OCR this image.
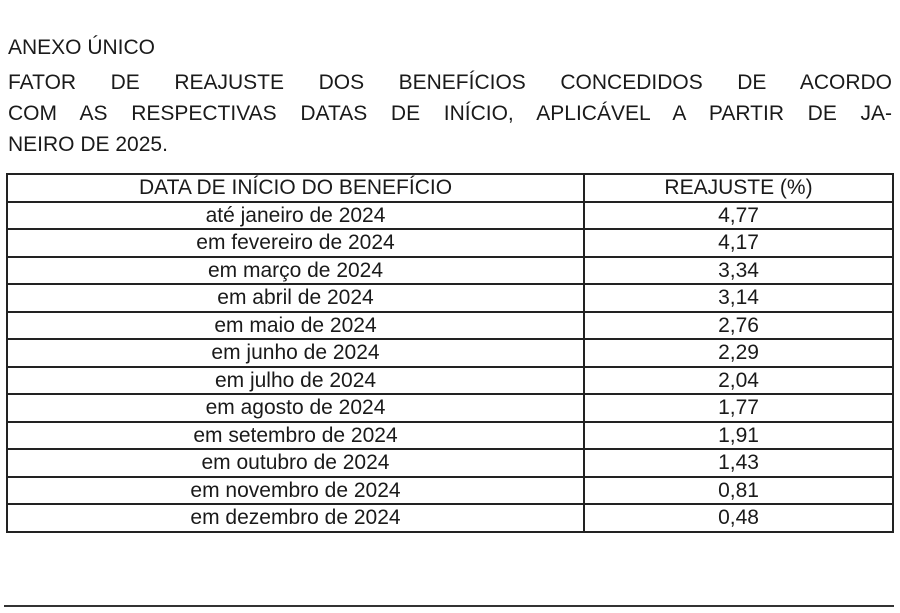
ANEXO ÚNICO
FATOR DE REAJUSTE DOS BENEFÍCIOS CONCEDIDOS DE ACORDO
COM AS RESPECTIVAS DATAS DE INÍCIO, APLICÁVEL A PARTIR DE JA-
NEIRO DE 2025.
DATA DE INÍCIO DO BENEFÍCIO	REAJUSTE (%)
até janeiro de 2024	4,77
em fevereiro de 2024	4,17
em março de 2024	3,34
em abril de 2024	3,14
em maio de 2024	2,76
em junho de 2024	2,29
em julho de 2024	2,04
em agosto de 2024	1,77
em setembro de 2024	1,91
em outubro de 2024	1,43
em novembro de 2024	0,81
em dezembro de 2024	0,48
